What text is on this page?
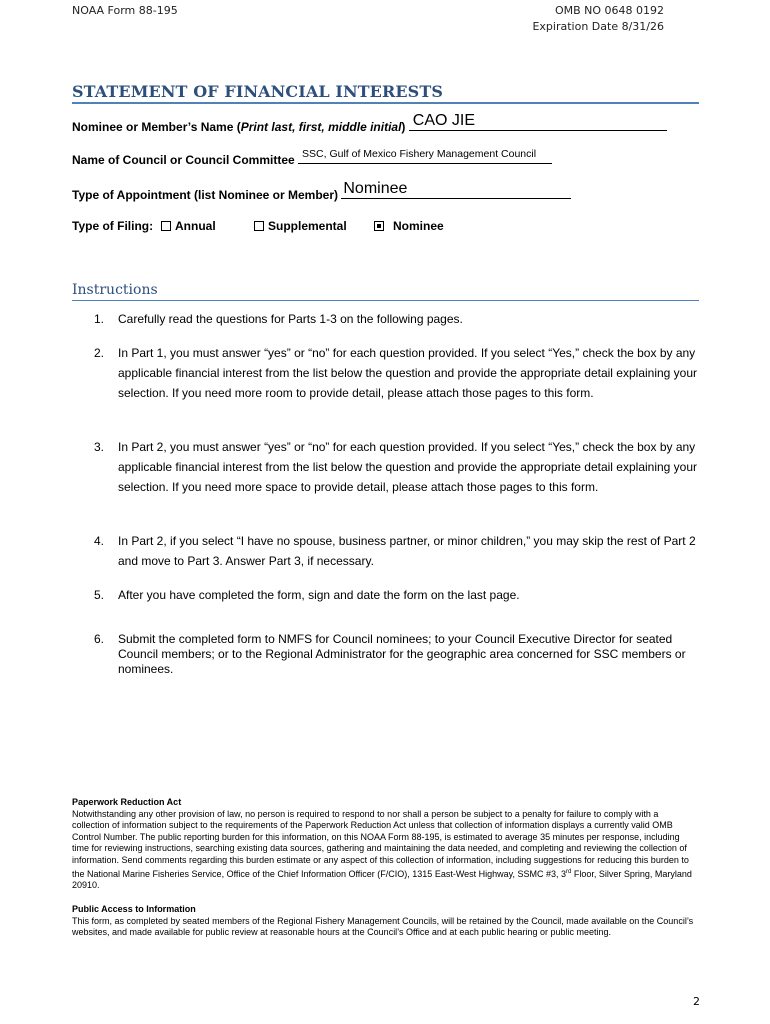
NOAA Form 88-195	OMB NO 0648 0192
Expiration Date 8/31/26
STATEMENT OF FINANCIAL INTERESTS
Nominee or Member’s Name (Print last, first, middle initial) CAO JIE
Name of Council or Council Committee SSC, Gulf of Mexico Fishery Management Council
Type of Appointment (list Nominee or Member) Nominee
Type of Filing:	Annual	Supplemental	Nominee
Instructions
1. Carefully read the questions for Parts 1-3 on the following pages.
2. In Part 1, you must answer “yes” or “no” for each question provided. If you select “Yes,” check the box by any applicable financial interest from the list below the question and provide the appropriate detail explaining your selection. If you need more room to provide detail, please attach those pages to this form.
3. In Part 2, you must answer “yes” or “no” for each question provided. If you select “Yes,” check the box by any applicable financial interest from the list below the question and provide the appropriate detail explaining your selection. If you need more space to provide detail, please attach those pages to this form.
4. In Part 2, if you select “I have no spouse, business partner, or minor children,” you may skip the rest of Part 2 and move to Part 3. Answer Part 3, if necessary.
5. After you have completed the form, sign and date the form on the last page.
6. Submit the completed form to NMFS for Council nominees; to your Council Executive Director for seated Council members; or to the Regional Administrator for the geographic area concerned for SSC members or nominees.
Paperwork Reduction Act
Notwithstanding any other provision of law, no person is required to respond to nor shall a person be subject to a penalty for failure to comply with a collection of information subject to the requirements of the Paperwork Reduction Act unless that collection of information displays a currently valid OMB Control Number. The public reporting burden for this information, on this NOAA Form 88-195, is estimated to average 35 minutes per response, including time for reviewing instructions, searching existing data sources, gathering and maintaining the data needed, and completing and reviewing the collection of information. Send comments regarding this burden estimate or any aspect of this collection of information, including suggestions for reducing this burden to the National Marine Fisheries Service, Office of the Chief Information Officer (F/CIO), 1315 East-West Highway, SSMC #3, 3rd Floor, Silver Spring, Maryland 20910.
Public Access to Information
This form, as completed by seated members of the Regional Fishery Management Councils, will be retained by the Council, made available on the Council’s websites, and made available for public review at reasonable hours at the Council’s Office and at each public hearing or public meeting.
2
